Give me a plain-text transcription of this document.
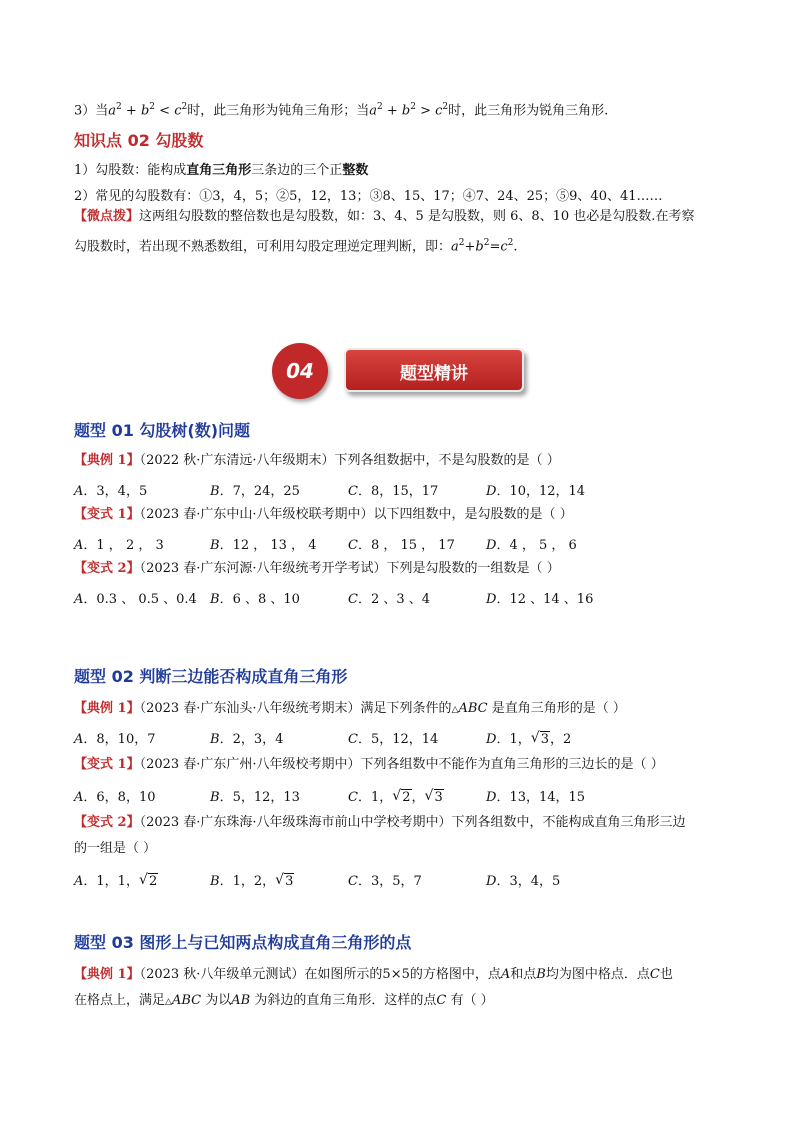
3）当$a^2 + b^2 < c^2$时，此三角形为钝角三角形；当$a^2 + b^2 > c^2$时，此三角形为锐角三角形.
知识点 02 勾股数
1）勾股数：能构成直角三角形三条边的三个正整数
2）常见的勾股数有：①3，4，5；②5，12，13；③8、15、17；④7、24、25；⑤9、40、41……
【微点拨】这两组勾股数的整倍数也是勾股数，如：3、4、5 是勾股数，则 6、8、10 也必是勾股数.在考察
勾股数时，若出现不熟悉数组，可利用勾股定理逆定理判断，即：$a^2+b^2=c^2$.
04	题型精讲
题型 01 勾股树(数)问题
【典例 1】（2022 秋·广东清远·八年级期末）下列各组数据中，不是勾股数的是（ ）
A．3，4，5	B．7，24，25	C．8，15，17	D．10，12，14
【变式 1】（2023 春·广东中山·八年级校联考期中）以下四组数中，是勾股数的是（ ）
A．1 ， 2 ， 3	B．12 ， 13 ， 4 C．8 ， 15 ， 17 D．4 ， 5 ， 6
【变式 2】（2023 春·广东河源·八年级统考开学考试）下列是勾股数的一组数是（ ）
A．0.3 、 0.5 、0.4 B．6 、8 、10	C．2 、3 、4	D．12 、14 、16
题型 02 判断三边能否构成直角三角形
【典例 1】（2023 春·广东汕头·八年级统考期末）满足下列条件的△ABC 是直角三角形的是（ ）
A．8，10，7	B．2，3，4	C．5，12，14	D．1， √ 3，2
【变式 1】（2023 春·广东广州·八年级校考期中）下列各组数中不能作为直角三角形的三边长的是（ ）
A．6，8，10	B．5，12，13	C．1， √ 2， √ 3	D．13，14，15
【变式 2】（2023 春·广东珠海·八年级珠海市前山中学校考期中）下列各组数中，不能构成直角三角形三边
的一组是（ ）
A．1，1， √ 2	B．1，2， √ 3	C．3，5，7	D．3，4，5
题型 03 图形上与已知两点构成直角三角形的点
【典例 1】（2023 秋·八年级单元测试）在如图所示的5×5的方格图中，点A和点B均为图中格点．点C也
在格点上，满足△ABC 为以AB 为斜边的直角三角形．这样的点C 有（ ）
